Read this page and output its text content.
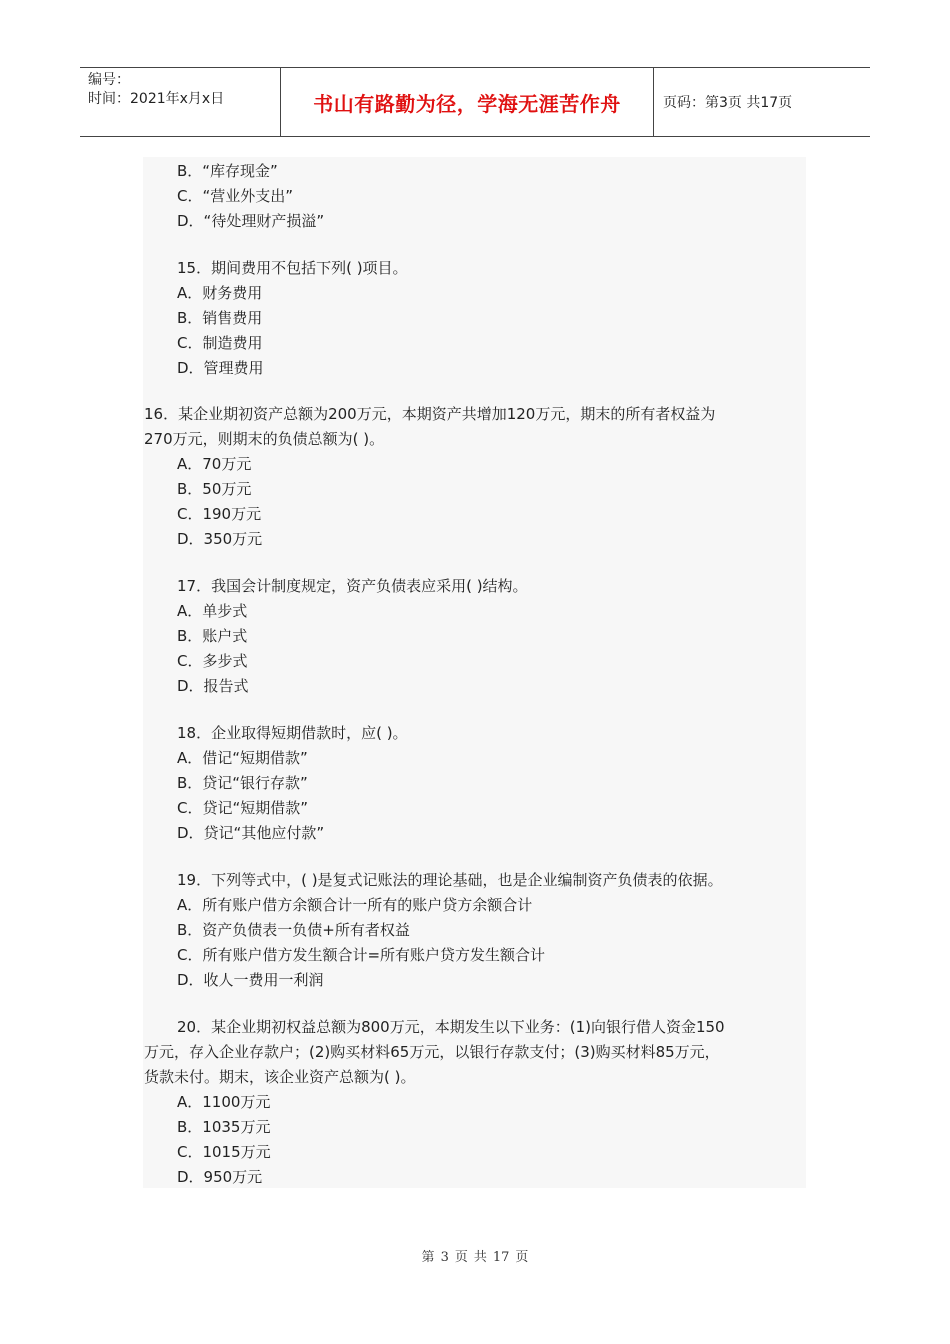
编号：
时间：2021年x月x日	书山有路勤为径，学海无涯苦作舟	页码：第3页 共17页
B．“库存现金”
C．“营业外支出”
D．“待处理财产损溢”
15．期间费用不包括下列( )项目。
A．财务费用
B．销售费用
C．制造费用
D．管理费用
16．某企业期初资产总额为200万元，本期资产共增加120万元，期末的所有者权益为
270万元，则期末的负债总额为( )。
A．70万元
B．50万元
C．190万元
D．350万元
17．我国会计制度规定，资产负债表应采用( )结构。
A．单步式
B．账户式
C．多步式
D．报告式
18．企业取得短期借款时，应( )。
A．借记“短期借款”
B．贷记“银行存款”
C．贷记“短期借款”
D．贷记“其他应付款”
19．下列等式中，( )是复式记账法的理论基础，也是企业编制资产负债表的依据。
A．所有账户借方余额合计一所有的账户贷方余额合计
B．资产负债表一负债+所有者权益
C．所有账户借方发生额合计=所有账户贷方发生额合计
D．收人一费用一利润
20．某企业期初权益总额为800万元，本期发生以下业务：(1)向银行借人资金150
万元，存入企业存款户；(2)购买材料65万元，以银行存款支付；(3)购买材料85万元，
货款未付。期末，该企业资产总额为( )。
A．1100万元
B．1035万元
C．1015万元
D．950万元
第 3 页 共 17 页
